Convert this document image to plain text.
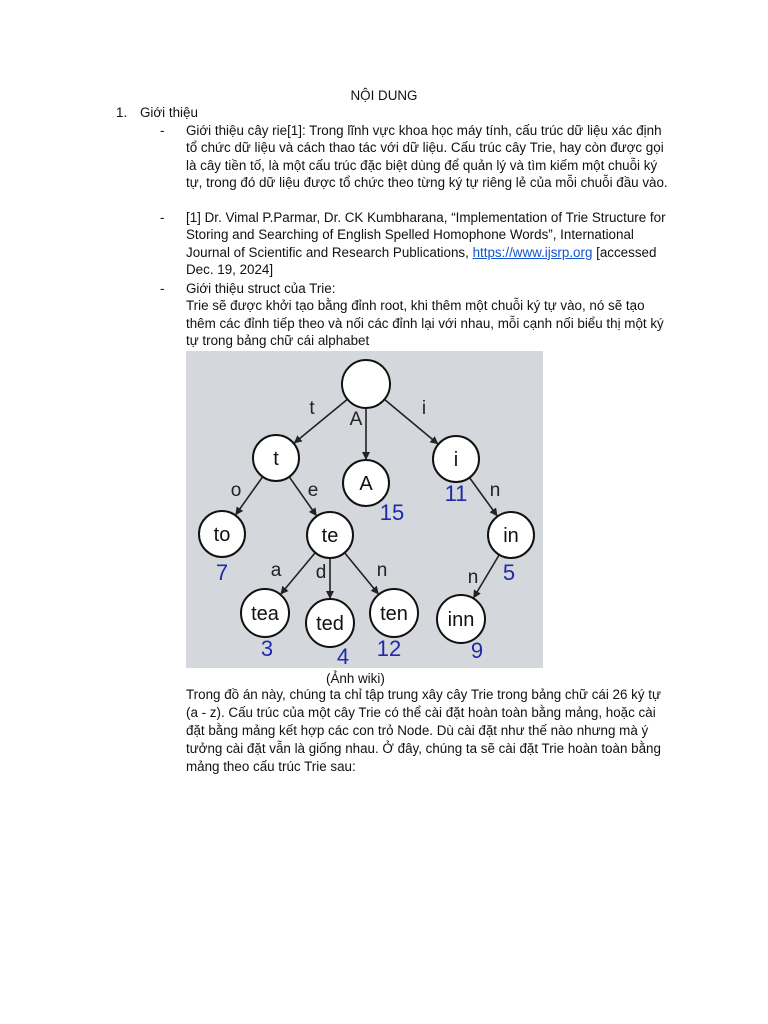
NỘI DUNG
1. Giới thiệu
- Giới thiệu cây rie[1]: Trong lĩnh vực khoa học máy tính, cấu trúc dữ liệu xác định tổ chức dữ liệu và cách thao tác với dữ liệu. Cấu trúc cây Trie, hay còn được gọi là cây tiền tố, là một cấu trúc đặc biệt dùng để quản lý và tìm kiếm một chuỗi ký tự, trong đó dữ liệu được tổ chức theo từng ký tự riêng lẻ của mỗi chuỗi đầu vào.
- [1] Dr. Vimal P.Parmar, Dr. CK Kumbharana, “Implementation of Trie Structure for Storing and Searching of English Spelled Homophone Words”, International Journal of Scientific and Research Publications, https://www.ijsrp.org [accessed Dec. 19, 2024]
- Giới thiệu struct của Trie:
Trie sẽ được khởi tạo bằng đỉnh root, khi thêm một chuỗi ký tự vào, nó sẽ tạo thêm các đỉnh tiếp theo và nối các đỉnh lại với nhau, mỗi cạnh nối biểu thị một ký tự trong bảng chữ cái alphabet
t
A
i
o	e	n
a d	n	n
t
A
15
i
11
to
7
te	in
5
tea
3
ted
4
ten
12
inn
9
(Ảnh wiki)
Trong đồ án này, chúng ta chỉ tập trung xây cây Trie trong bảng chữ cái 26 ký tự (a - z). Cấu trúc của một cây Trie có thể cài đặt hoàn toàn bằng mảng, hoặc cài đặt bằng mảng kết hợp các con trỏ Node. Dù cài đặt như thế nào nhưng mà ý tưởng cài đặt vẫn là giống nhau. Ở đây, chúng ta sẽ cài đặt Trie hoàn toàn bằng mảng theo cấu trúc Trie sau:
